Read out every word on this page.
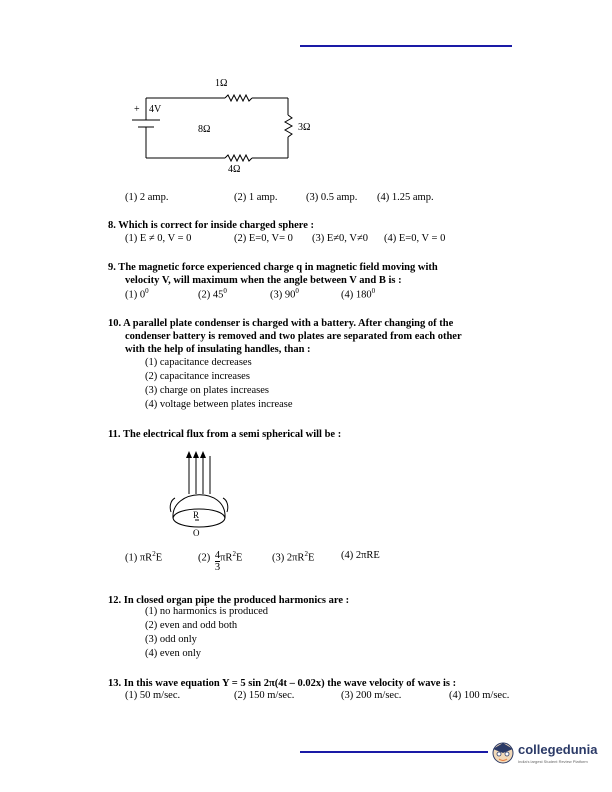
+ 4V
1Ω
8Ω	3Ω
4Ω
(1) 2 amp.	(2) 1 amp.	(3) 0.5 amp. (4) 1.25 amp.
8. Which is correct for inside charged sphere :
(1) E ≠ 0, V = 0	(2) E=0, V= 0 (3) E≠0, V≠0 (4) E=0, V = 0
9. The magnetic force experienced charge q in magnetic field moving with
velocity V, will maximum when the angle between V and B is :
(1) $0^0$	(2) $45^0$	(3) $90^0$	(4) $180^0$
10. A parallel plate condenser is charged with a battery. After changing of the
condenser battery is removed and two plates are separated from each other
with the help of insulating handles, than :
(1) capacitance decreases
(2) capacitance increases
(3) charge on plates increases
(4) voltage between plates increase
11. The electrical flux from a semi spherical will be :
R
O
(1) $\pi R^2E$	$(2) \frac{4}{3} \pi R^2E$	(3) $2\pi R^2E$	(4) 2πRE
12. In closed organ pipe the produced harmonics are :
(1) no harmonics is produced
(2) even and odd both
(3) odd only
(4) even only
13. In this wave equation Y = 5 sin 2π(4t – 0.02x) the wave velocity of wave is :
(1) 50 m/sec.	(2) 150 m/sec.	(3) 200 m/sec.	(4) 100 m/sec.
collegedunia
India's largest Student Review Platform
